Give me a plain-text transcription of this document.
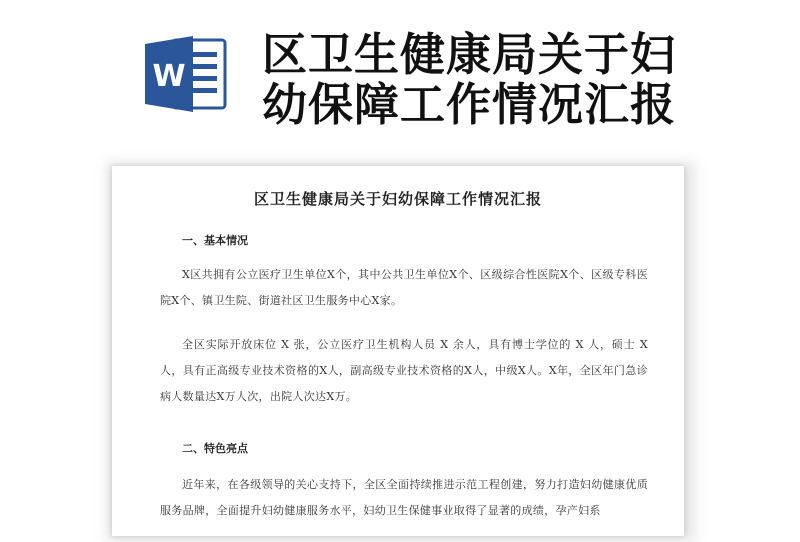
W 区卫生健康局关于妇
幼保障工作情况汇报
区卫生健康局关于妇幼保障工作情况汇报
一、基本情况

X区共拥有公立医疗卫生单位X个，其中公共卫生单位X个、区级综合性医院X个、区级专科医院X个、镇卫生院、街道社区卫生服务中心X家。

全区实际开放床位 X 张，公立医疗卫生机构人员 X 余人，具有博士学位的 X 人，硕士 X 人，具有正高级专业技术资格的X人，副高级专业技术资格的X人，中级X人。X年，全区年门急诊病人数量达X万人次，出院人次达X万。

二、特色亮点

近年来，在各级领导的关心支持下，全区全面持续推进示范工程创建，努力打造妇幼健康优质服务品牌，全面提升妇幼健康服务水平，妇幼卫生保健事业取得了显著的成绩，孕产妇系
